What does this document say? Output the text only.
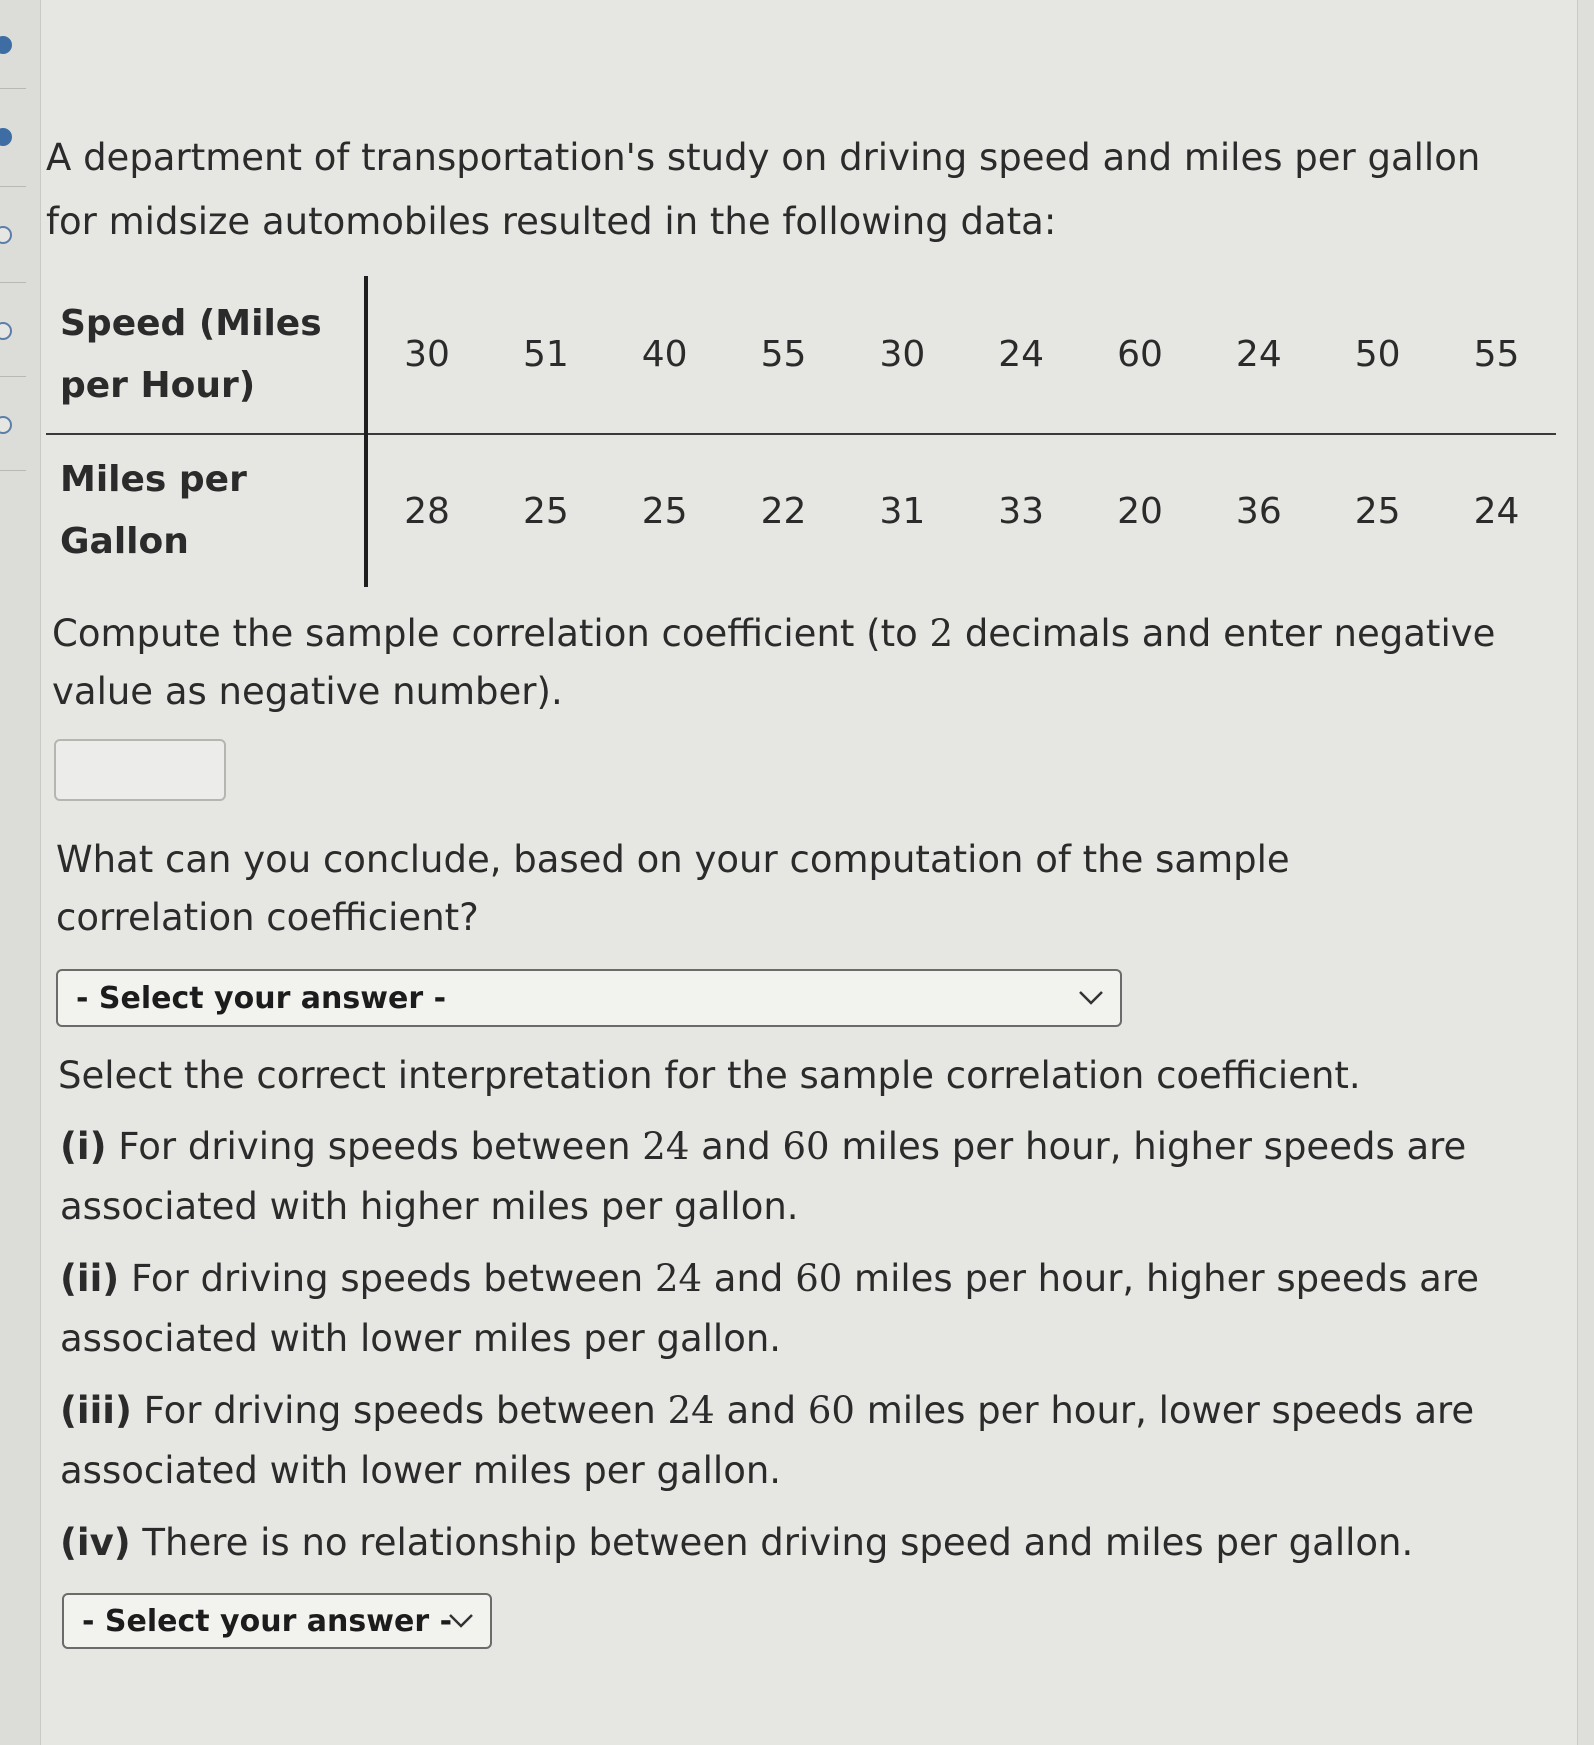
A department of transportation's study on driving speed and miles per gallon for midsize automobiles resulted in the following data:

Speed (Miles per Hour)	30	51	40	55	30	24	60	24	50	55
Miles per Gallon	28	25	25	22	31	33	20	36	25	24

Compute the sample correlation coefficient (to 2 decimals and enter negative value as negative number).

What can you conclude, based on your computation of the sample correlation coefficient?

- Select your answer -

Select the correct interpretation for the sample correlation coefficient.

(i) For driving speeds between 24 and 60 miles per hour, higher speeds are associated with higher miles per gallon.

(ii) For driving speeds between 24 and 60 miles per hour, higher speeds are associated with lower miles per gallon.

(iii) For driving speeds between 24 and 60 miles per hour, lower speeds are associated with lower miles per gallon.

(iv) There is no relationship between driving speed and miles per gallon.

- Select your answer -
